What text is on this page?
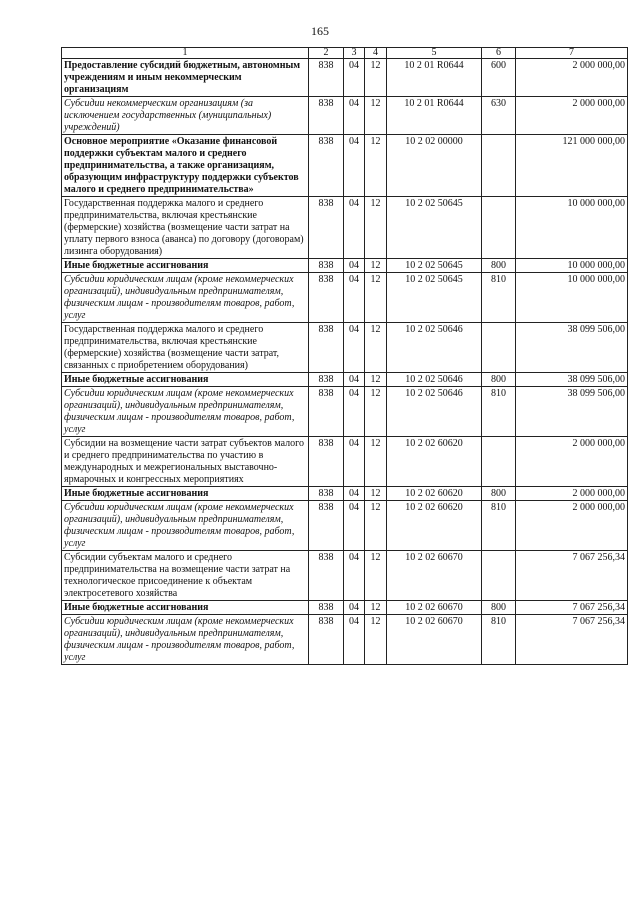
165
1	2	3	4	5	6	7
Предоставление субсидий бюджетным, автономным учреждениям и иным некоммерческим организациям	838	04	12	10 2 01 R0644	600	2 000 000,00
Субсидии некоммерческим организациям (за исключением государственных (муниципальных) учреждений)	838	04	12	10 2 01 R0644	630	2 000 000,00
Основное мероприятие «Оказание финансовой поддержки субъектам малого и среднего предпринимательства, а также организациям, образующим инфраструктуру поддержки субъектов малого и среднего предпринимательства»	838	04	12	10 2 02 00000		121 000 000,00
Государственная поддержка малого и среднего предпринимательства, включая крестьянские (фермерские) хозяйства (возмещение части затрат на уплату первого взноса (аванса) по договору (договорам) лизинга оборудования)	838	04	12	10 2 02 50645		10 000 000,00
Иные бюджетные ассигнования	838	04	12	10 2 02 50645	800	10 000 000,00
Субсидии юридическим лицам (кроме некоммерческих организаций), индивидуальным предпринимателям, физическим лицам - производителям товаров, работ, услуг	838	04	12	10 2 02 50645	810	10 000 000,00
Государственная поддержка малого и среднего предпринимательства, включая крестьянские (фермерские) хозяйства (возмещение части затрат, связанных с приобретением оборудования)	838	04	12	10 2 02 50646		38 099 506,00
Иные бюджетные ассигнования	838	04	12	10 2 02 50646	800	38 099 506,00
Субсидии юридическим лицам (кроме некоммерческих организаций), индивидуальным предпринимателям, физическим лицам - производителям товаров, работ, услуг	838	04	12	10 2 02 50646	810	38 099 506,00
Субсидии на возмещение части затрат субъектов малого и среднего предпринимательства по участию в международных и межрегиональных выставочно-ярмарочных и конгрессных мероприятиях	838	04	12	10 2 02 60620		2 000 000,00
Иные бюджетные ассигнования	838	04	12	10 2 02 60620	800	2 000 000,00
Субсидии юридическим лицам (кроме некоммерческих организаций), индивидуальным предпринимателям, физическим лицам - производителям товаров, работ, услуг	838	04	12	10 2 02 60620	810	2 000 000,00
Субсидии субъектам малого и среднего предпринимательства на возмещение части затрат на технологическое присоединение к объектам электросетевого хозяйства	838	04	12	10 2 02 60670		7 067 256,34
Иные бюджетные ассигнования	838	04	12	10 2 02 60670	800	7 067 256,34
Субсидии юридическим лицам (кроме некоммерческих организаций), индивидуальным предпринимателям, физическим лицам - производителям товаров, работ, услуг	838	04	12	10 2 02 60670	810	7 067 256,34
